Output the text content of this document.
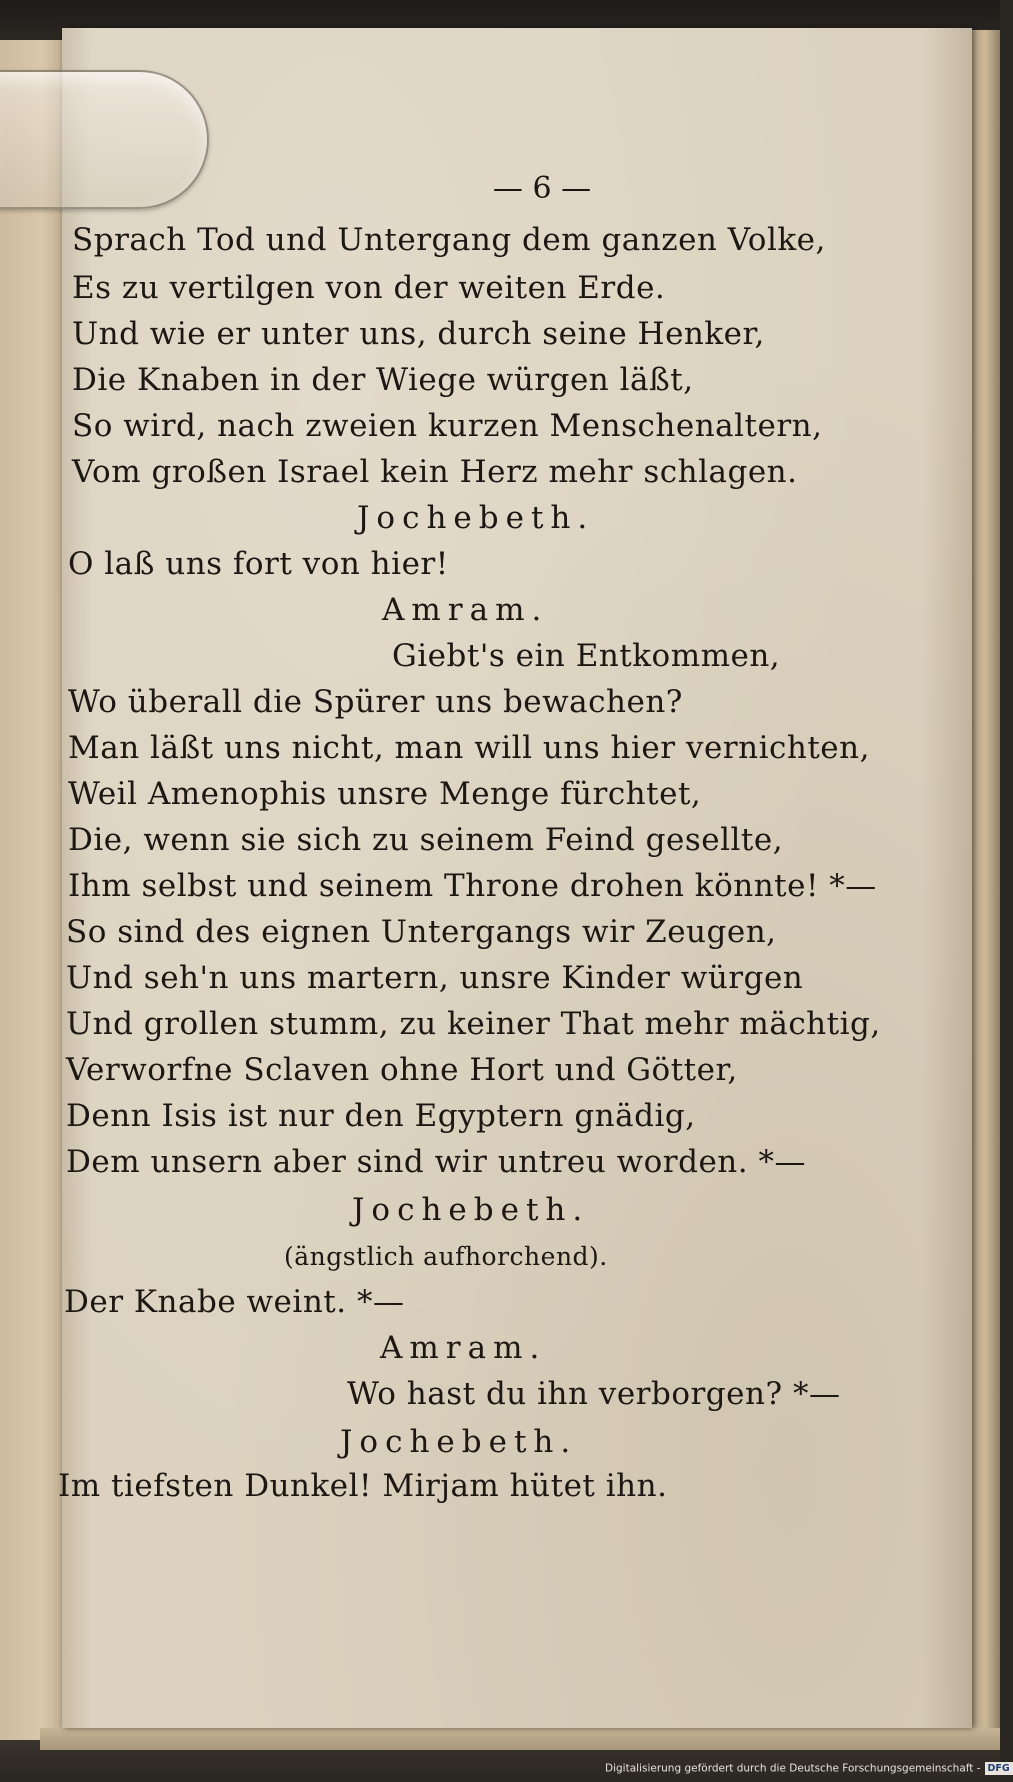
— 6 —
Sprach Tod und Untergang dem ganzen Volke,
Es zu vertilgen von der weiten Erde.
Und wie er unter uns, durch seine Henker,
Die Knaben in der Wiege würgen läßt,
So wird, nach zweien kurzen Menschenaltern,
Vom großen Israel kein Herz mehr schlagen.
Jochebeth.
O laß uns fort von hier!
Amram.
Giebt's ein Entkommen,
Wo überall die Spürer uns bewachen?
Man läßt uns nicht, man will uns hier vernichten,
Weil Amenophis unsre Menge fürchtet,
Die, wenn sie sich zu seinem Feind gesellte,
Ihm selbst und seinem Throne drohen könnte! *—
So sind des eignen Untergangs wir Zeugen,
Und seh'n uns martern, unsre Kinder würgen
Und grollen stumm, zu keiner That mehr mächtig,
Verworfne Sclaven ohne Hort und Götter,
Denn Isis ist nur den Egyptern gnädig,
Dem unsern aber sind wir untreu worden. *—
Jochebeth.
(ängstlich aufhorchend).
Der Knabe weint. *—
Amram.
Wo hast du ihn verborgen? *—
Jochebeth.
Im tiefsten Dunkel! Mirjam hütet ihn.
Digitalisierung gefördert durch die Deutsche Forschungsgemeinschaft - DFG
